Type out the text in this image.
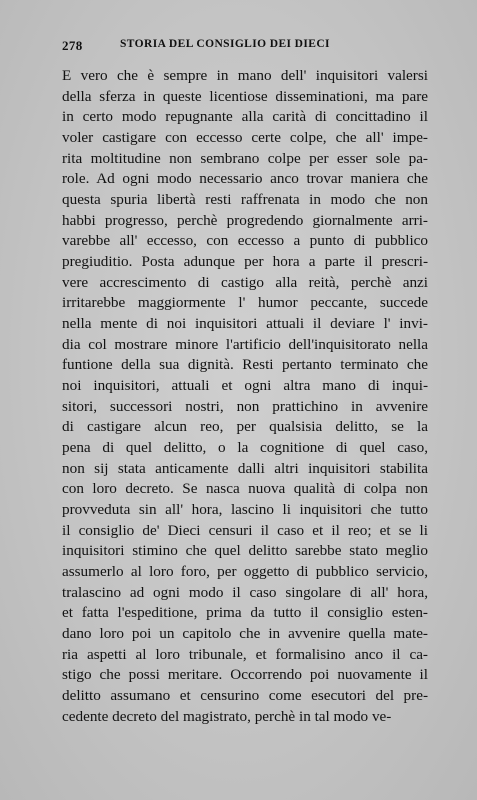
278	STORIA DEL CONSIGLIO DEI DIECI
E vero che è sempre in mano dell' inquisitori valersi
della sferza in queste licentiose disseminationi, ma pare
in certo modo repugnante alla carità di concittadino il
voler castigare con eccesso certe colpe, che all' impe-
rita moltitudine non sembrano colpe per esser sole pa-
role. Ad ogni modo necessario anco trovar maniera che
questa spuria libertà resti raffrenata in modo che non
habbi progresso, perchè progredendo giornalmente arri-
varebbe all' eccesso, con eccesso a punto di pubblico
pregiuditio. Posta adunque per hora a parte il prescri-
vere accrescimento di castigo alla reità, perchè anzi
irritarebbe maggiormente l' humor peccante, succede
nella mente di noi inquisitori attuali il deviare l' invi-
dia col mostrare minore l'artificio dell'inquisitorato nella
funtione della sua dignità. Resti pertanto terminato che
noi inquisitori, attuali et ogni altra mano di inqui-
sitori, successori nostri, non prattichino in avvenire
di castigare alcun reo, per qualsisia delitto, se la
pena di quel delitto, o la cognitione di quel caso,
non sij stata anticamente dalli altri inquisitori stabilita
con loro decreto. Se nasca nuova qualità di colpa non
provveduta sin all' hora, lascino li inquisitori che tutto
il consiglio de' Dieci censuri il caso et il reo; et se li
inquisitori stimino che quel delitto sarebbe stato meglio
assumerlo al loro foro, per oggetto di pubblico servicio,
tralascino ad ogni modo il caso singolare di all' hora,
et fatta l'espeditione, prima da tutto il consiglio esten-
dano loro poi un capitolo che in avvenire quella mate-
ria aspetti al loro tribunale, et formalisino anco il ca-
stigo che possi meritare. Occorrendo poi nuovamente il
delitto assumano et censurino come esecutori del pre-
cedente decreto del magistrato, perchè in tal modo ve-
